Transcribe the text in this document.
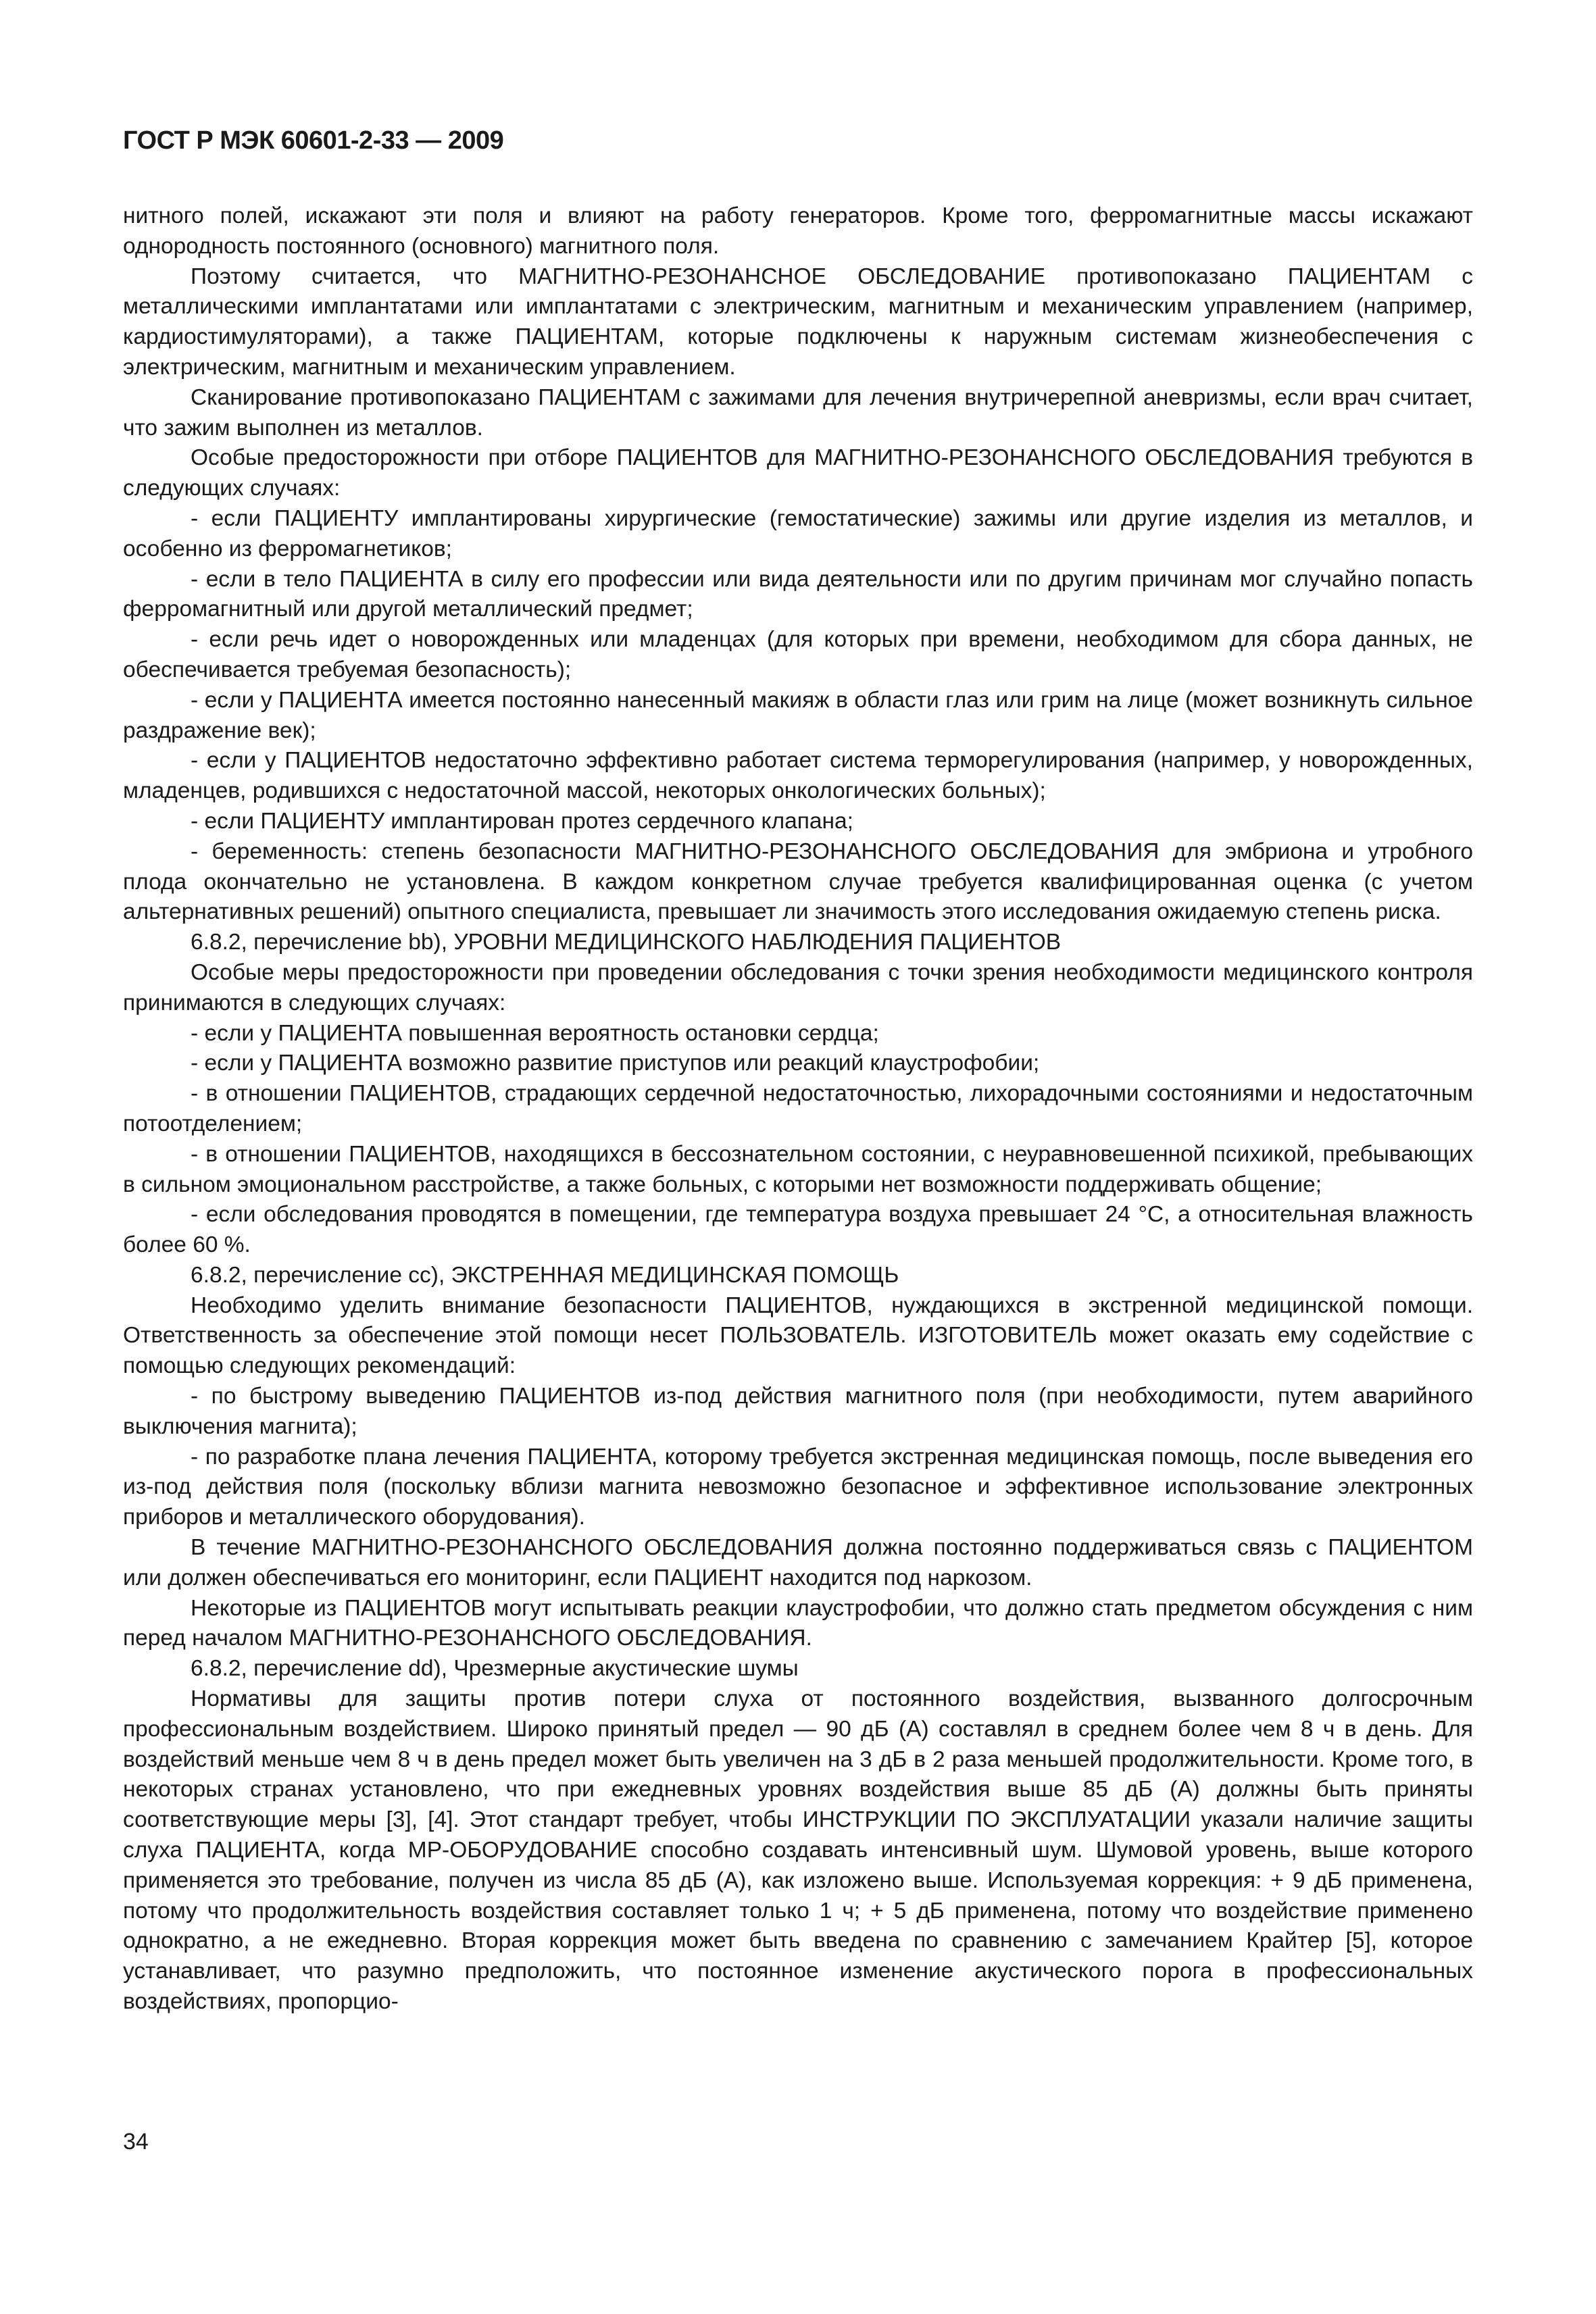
ГОСТ Р МЭК 60601-2-33 — 2009

нитного полей, искажают эти поля и влияют на работу генераторов. Кроме того, ферромагнитные массы искажают однородность постоянного (основного) магнитного поля.

Поэтому считается, что МАГНИТНО-РЕЗОНАНСНОЕ ОБСЛЕДОВАНИЕ противопоказано ПАЦИЕНТАМ с металлическими имплантатами или имплантатами с электрическим, магнитным и механическим управлением (например, кардиостимуляторами), а также ПАЦИЕНТАМ, которые подключены к наружным системам жизнеобеспечения с электрическим, магнитным и механическим управлением.

Сканирование противопоказано ПАЦИЕНТАМ с зажимами для лечения внутричерепной аневризмы, если врач считает, что зажим выполнен из металлов.

Особые предосторожности при отборе ПАЦИЕНТОВ для МАГНИТНО-РЕЗОНАНСНОГО ОБСЛЕДОВАНИЯ требуются в следующих случаях:

- если ПАЦИЕНТУ имплантированы хирургические (гемостатические) зажимы или другие изделия из металлов, и особенно из ферромагнетиков;

- если в тело ПАЦИЕНТА в силу его профессии или вида деятельности или по другим причинам мог случайно попасть ферромагнитный или другой металлический предмет;

- если речь идет о новорожденных или младенцах (для которых при времени, необходимом для сбора данных, не обеспечивается требуемая безопасность);

- если у ПАЦИЕНТА имеется постоянно нанесенный макияж в области глаз или грим на лице (может возникнуть сильное раздражение век);

- если у ПАЦИЕНТОВ недостаточно эффективно работает система терморегулирования (например, у новорожденных, младенцев, родившихся с недостаточной массой, некоторых онкологических больных);

- если ПАЦИЕНТУ имплантирован протез сердечного клапана;

- беременность: степень безопасности МАГНИТНО-РЕЗОНАНСНОГО ОБСЛЕДОВАНИЯ для эмбриона и утробного плода окончательно не установлена. В каждом конкретном случае требуется квалифицированная оценка (с учетом альтернативных решений) опытного специалиста, превышает ли значимость этого исследования ожидаемую степень риска.

6.8.2, перечисление bb), УРОВНИ МЕДИЦИНСКОГО НАБЛЮДЕНИЯ ПАЦИЕНТОВ

Особые меры предосторожности при проведении обследования с точки зрения необходимости медицинского контроля принимаются в следующих случаях:

- если у ПАЦИЕНТА повышенная вероятность остановки сердца;

- если у ПАЦИЕНТА возможно развитие приступов или реакций клаустрофобии;

- в отношении ПАЦИЕНТОВ, страдающих сердечной недостаточностью, лихорадочными состояниями и недостаточным потоотделением;

- в отношении ПАЦИЕНТОВ, находящихся в бессознательном состоянии, с неуравновешенной психикой, пребывающих в сильном эмоциональном расстройстве, а также больных, с которыми нет возможности поддерживать общение;

- если обследования проводятся в помещении, где температура воздуха превышает 24 °С, а относительная влажность более 60 %.

6.8.2, перечисление cc), ЭКСТРЕННАЯ МЕДИЦИНСКАЯ ПОМОЩЬ

Необходимо уделить внимание безопасности ПАЦИЕНТОВ, нуждающихся в экстренной медицинской помощи. Ответственность за обеспечение этой помощи несет ПОЛЬЗОВАТЕЛЬ. ИЗГОТОВИТЕЛЬ может оказать ему содействие с помощью следующих рекомендаций:

- по быстрому выведению ПАЦИЕНТОВ из-под действия магнитного поля (при необходимости, путем аварийного выключения магнита);

- по разработке плана лечения ПАЦИЕНТА, которому требуется экстренная медицинская помощь, после выведения его из-под действия поля (поскольку вблизи магнита невозможно безопасное и эффективное использование электронных приборов и металлического оборудования).

В течение МАГНИТНО-РЕЗОНАНСНОГО ОБСЛЕДОВАНИЯ должна постоянно поддерживаться связь с ПАЦИЕНТОМ или должен обеспечиваться его мониторинг, если ПАЦИЕНТ находится под наркозом.

Некоторые из ПАЦИЕНТОВ могут испытывать реакции клаустрофобии, что должно стать предметом обсуждения с ним перед началом МАГНИТНО-РЕЗОНАНСНОГО ОБСЛЕДОВАНИЯ.

6.8.2, перечисление dd), Чрезмерные акустические шумы

Нормативы для защиты против потери слуха от постоянного воздействия, вызванного долгосрочным профессиональным воздействием. Широко принятый предел — 90 дБ (A) составлял в среднем более чем 8 ч в день. Для воздействий меньше чем 8 ч в день предел может быть увеличен на 3 дБ в 2 раза меньшей продолжительности. Кроме того, в некоторых странах установлено, что при ежедневных уровнях воздействия выше 85 дБ (A) должны быть приняты соответствующие меры [3], [4]. Этот стандарт требует, чтобы ИНСТРУКЦИИ ПО ЭКСПЛУАТАЦИИ указали наличие защиты слуха ПАЦИЕНТА, когда МР-ОБОРУДОВАНИЕ способно создавать интенсивный шум. Шумовой уровень, выше которого применяется это требование, получен из числа 85 дБ (A), как изложено выше. Используемая коррекция: + 9 дБ применена, потому что продолжительность воздействия составляет только 1 ч; + 5 дБ применена, потому что воздействие применено однократно, а не ежедневно. Вторая коррекция может быть введена по сравнению с замечанием Крайтер [5], которое устанавливает, что разумно предположить, что постоянное изменение акустического порога в профессиональных воздействиях, пропорцио-

34
